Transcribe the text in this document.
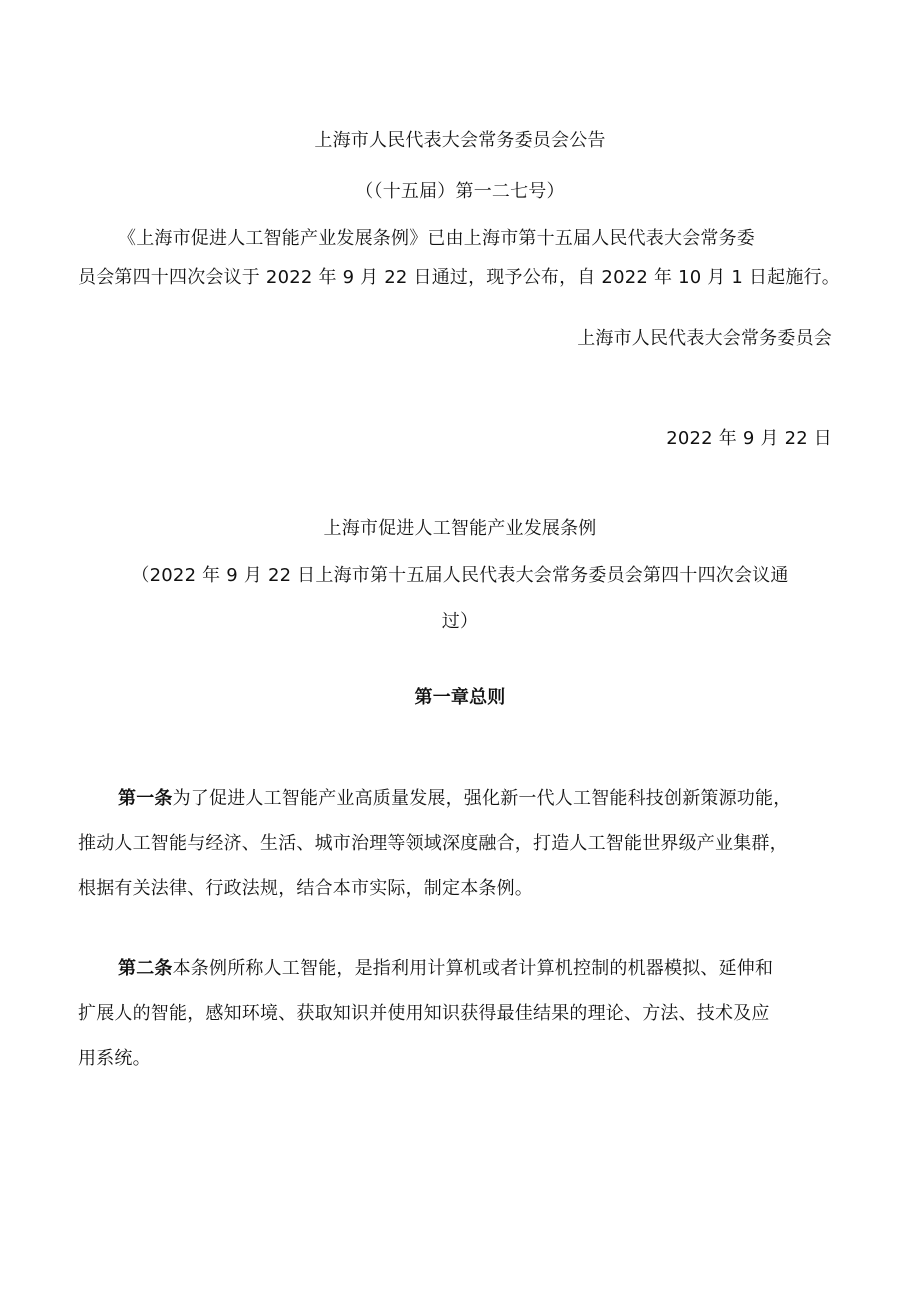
上海市人民代表大会常务委员会公告
（（十五届）第一二七号）
《上海市促进人工智能产业发展条例》已由上海市第十五届人民代表大会常务委
员会第四十四次会议于 2022 年 9 月 22 日通过，现予公布，自 2022 年 10 月 1 日起施行。
上海市人民代表大会常务委员会
2022 年 9 月 22 日
上海市促进人工智能产业发展条例
（2022 年 9 月 22 日上海市第十五届人民代表大会常务委员会第四十四次会议通
过）
第一章总则
第一条为了促进人工智能产业高质量发展，强化新一代人工智能科技创新策源功能，
推动人工智能与经济、生活、城市治理等领域深度融合，打造人工智能世界级产业集群，
根据有关法律、行政法规，结合本市实际，制定本条例。
第二条本条例所称人工智能，是指利用计算机或者计算机控制的机器模拟、延伸和
扩展人的智能，感知环境、获取知识并使用知识获得最佳结果的理论、方法、技术及应
用系统。
